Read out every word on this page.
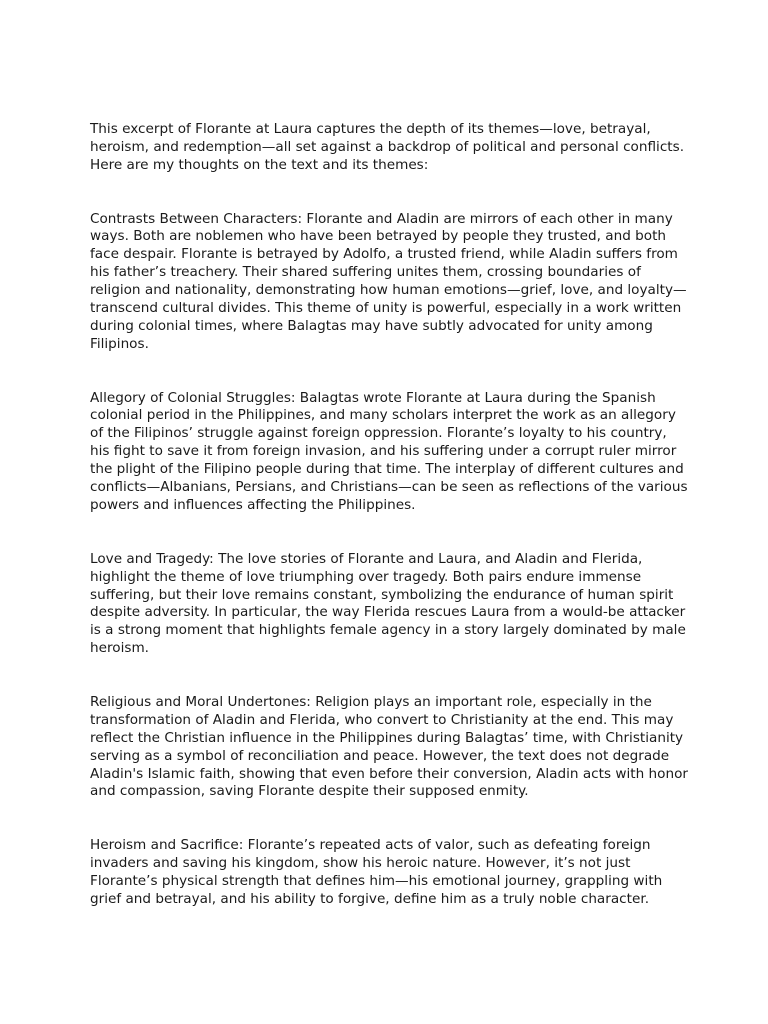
This excerpt of Florante at Laura captures the depth of its themes—love, betrayal, heroism, and redemption—all set against a backdrop of political and personal conflicts. Here are my thoughts on the text and its themes:

Contrasts Between Characters: Florante and Aladin are mirrors of each other in many ways. Both are noblemen who have been betrayed by people they trusted, and both face despair. Florante is betrayed by Adolfo, a trusted friend, while Aladin suffers from his father’s treachery. Their shared suffering unites them, crossing boundaries of religion and nationality, demonstrating how human emotions—grief, love, and loyalty—transcend cultural divides. This theme of unity is powerful, especially in a work written during colonial times, where Balagtas may have subtly advocated for unity among Filipinos.

Allegory of Colonial Struggles: Balagtas wrote Florante at Laura during the Spanish colonial period in the Philippines, and many scholars interpret the work as an allegory of the Filipinos’ struggle against foreign oppression. Florante’s loyalty to his country, his fight to save it from foreign invasion, and his suffering under a corrupt ruler mirror the plight of the Filipino people during that time. The interplay of different cultures and conflicts—Albanians, Persians, and Christians—can be seen as reflections of the various powers and influences affecting the Philippines.

Love and Tragedy: The love stories of Florante and Laura, and Aladin and Flerida, highlight the theme of love triumphing over tragedy. Both pairs endure immense suffering, but their love remains constant, symbolizing the endurance of human spirit despite adversity. In particular, the way Flerida rescues Laura from a would-be attacker is a strong moment that highlights female agency in a story largely dominated by male heroism.

Religious and Moral Undertones: Religion plays an important role, especially in the transformation of Aladin and Flerida, who convert to Christianity at the end. This may reflect the Christian influence in the Philippines during Balagtas’ time, with Christianity serving as a symbol of reconciliation and peace. However, the text does not degrade Aladin's Islamic faith, showing that even before their conversion, Aladin acts with honor and compassion, saving Florante despite their supposed enmity.

Heroism and Sacrifice: Florante’s repeated acts of valor, such as defeating foreign invaders and saving his kingdom, show his heroic nature. However, it’s not just Florante’s physical strength that defines him—his emotional journey, grappling with grief and betrayal, and his ability to forgive, define him as a truly noble character.
